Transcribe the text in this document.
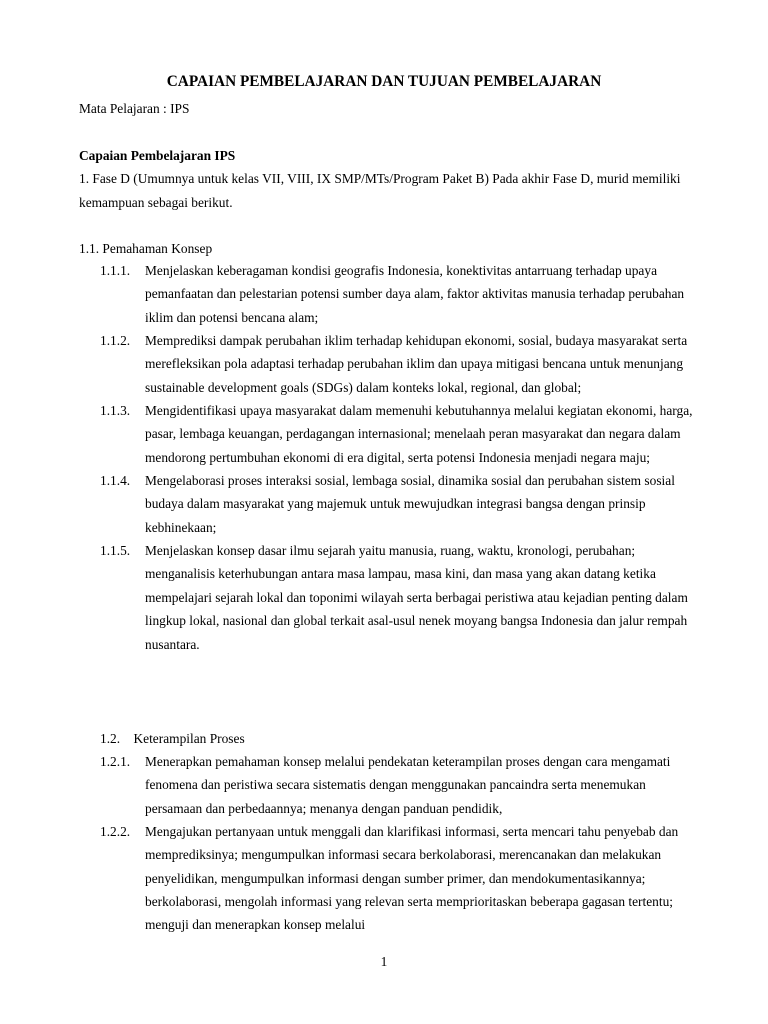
CAPAIAN PEMBELAJARAN DAN TUJUAN PEMBELAJARAN

Mata Pelajaran : IPS

Capaian Pembelajaran IPS

1. Fase D (Umumnya untuk kelas VII, VIII, IX SMP/MTs/Program Paket B) Pada akhir Fase D, murid memiliki kemampuan sebagai berikut.

1.1. Pemahaman Konsep

1.1.1. Menjelaskan keberagaman kondisi geografis Indonesia, konektivitas antarruang terhadap upaya pemanfaatan dan pelestarian potensi sumber daya alam, faktor aktivitas manusia terhadap perubahan iklim dan potensi bencana alam;
1.1.2. Memprediksi dampak perubahan iklim terhadap kehidupan ekonomi, sosial, budaya masyarakat serta merefleksikan pola adaptasi terhadap perubahan iklim dan upaya mitigasi bencana untuk menunjang sustainable development goals (SDGs) dalam konteks lokal, regional, dan global;
1.1.3. Mengidentifikasi upaya masyarakat dalam memenuhi kebutuhannya melalui kegiatan ekonomi, harga, pasar, lembaga keuangan, perdagangan internasional; menelaah peran masyarakat dan negara dalam mendorong pertumbuhan ekonomi di era digital, serta potensi Indonesia menjadi negara maju;
1.1.4. Mengelaborasi proses interaksi sosial, lembaga sosial, dinamika sosial dan perubahan sistem sosial budaya dalam masyarakat yang majemuk untuk mewujudkan integrasi bangsa dengan prinsip kebhinekaan;
1.1.5. Menjelaskan konsep dasar ilmu sejarah yaitu manusia, ruang, waktu, kronologi, perubahan; menganalisis keterhubungan antara masa lampau, masa kini, dan masa yang akan datang ketika mempelajari sejarah lokal dan toponimi wilayah serta berbagai peristiwa atau kejadian penting dalam lingkup lokal, nasional dan global terkait asal-usul nenek moyang bangsa Indonesia dan jalur rempah nusantara.

1.2.    Keterampilan Proses

1.2.1. Menerapkan pemahaman konsep melalui pendekatan keterampilan proses dengan cara mengamati fenomena dan peristiwa secara sistematis dengan menggunakan pancaindra serta menemukan persamaan dan perbedaannya; menanya dengan panduan pendidik,
1.2.2. Mengajukan pertanyaan untuk menggali dan klarifikasi informasi, serta mencari tahu penyebab dan memprediksinya; mengumpulkan informasi secara berkolaborasi, merencanakan dan melakukan penyelidikan, mengumpulkan informasi dengan sumber primer, dan mendokumentasikannya; berkolaborasi, mengolah informasi yang relevan serta memprioritaskan beberapa gagasan tertentu; menguji dan menerapkan konsep melalui

1
